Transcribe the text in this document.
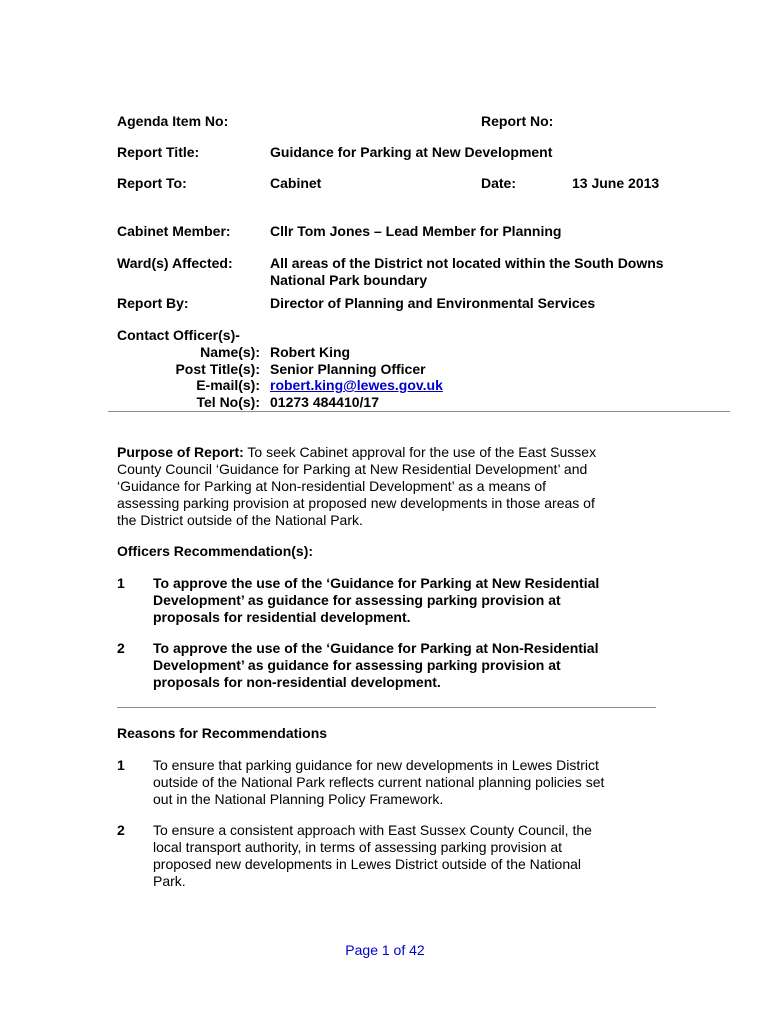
Agenda Item No:	Report No:
Report Title:	Guidance for Parking at New Development
Report To:	Cabinet	Date:	13 June 2013
Cabinet Member:	Cllr Tom Jones – Lead Member for Planning
Ward(s) Affected:	All areas of the District not located within the South Downs
National Park boundary
Report By:	Director of Planning and Environmental Services
Contact Officer(s)-
Name(s): Robert King
Post Title(s): Senior Planning Officer
E-mail(s): robert.king@lewes.gov.uk
Tel No(s): 01273 484410/17
Purpose of Report: To seek Cabinet approval for the use of the East Sussex
County Council ‘Guidance for Parking at New Residential Development’ and
‘Guidance for Parking at Non-residential Development’ as a means of
assessing parking provision at proposed new developments in those areas of
the District outside of the National Park.
Officers Recommendation(s):
1 To approve the use of the ‘Guidance for Parking at New Residential
Development’ as guidance for assessing parking provision at
proposals for residential development.
2 To approve the use of the ‘Guidance for Parking at Non-Residential
Development’ as guidance for assessing parking provision at
proposals for non-residential development.
Reasons for Recommendations
1 To ensure that parking guidance for new developments in Lewes District
outside of the National Park reflects current national planning policies set
out in the National Planning Policy Framework.
2 To ensure a consistent approach with East Sussex County Council, the
local transport authority, in terms of assessing parking provision at
proposed new developments in Lewes District outside of the National
Park.
Page 1 of 42
